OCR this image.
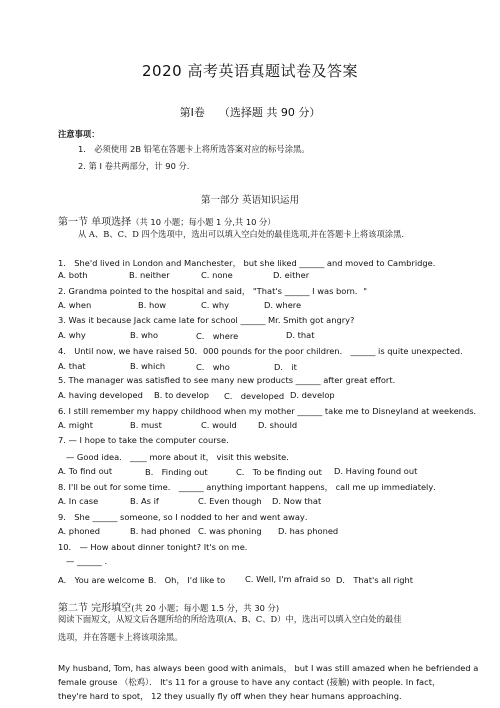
2020 高考英语真题试卷及答案
第Ⅰ卷 （选择题 共 90 分）
注意事项：
1． 必须使用 2B 铅笔在答题卡上将所选答案对应的标号涂黑。
2. 第 I 卷共两部分，计 90 分.
第一部分 英语知识运用
第一节 单项选择（共 10 小题；每小题 1 分,共 10 分）
从 A、B、C、D 四个选项中，选出可以填入空白处的最佳选项,并在答题卡上将该项涂黑.
1． She'd lived in London and Manchester， but she liked ______ and moved to Cambridge.
A. both	B. neither	C. none	D. either
2. Grandma pointed to the hospital and said， "That's ______ I was born．"
A. when	B. how	C. why	D. where
3. Was it because Jack came late for school ______ Mr. Smith got angry?
A. why	B. who	C． where	D. that
4． Until now, we have raised 50．000 pounds for the poor children． ______ is quite unexpected.
A. that	B. which	C． who	D． it
5. The manager was satisfied to see many new products ______ after great effort.
A. having developed B. to develop C． developed D. develop
6. I still remember my happy childhood when my mother ______ take me to Disneyland at weekends．
A. might	B. must	C. would	D. should
7. — I hope to take the computer course.
— Good idea． ____ more about it， visit this website．
A. To find out	B． Finding out	C． To be finding out D. Having found out
8. I'll be out for some time． ______ anything important happens， call me up immediately．
A. In case	B. As if	C. Even though D. Now that
9． She ______ someone, so I nodded to her and went away．
A. phoned	B. had phoned C. was phoning D. has phoned
10． — How about dinner tonight? It's on me．
— ______ .
A． You are welcome B． Oh， I'd like to C. Well, I'm afraid so D． That's all right
第二节 完形填空(共 20 小题；每小题 1.5 分，共 30 分)
阅读下面短文，从短文后各题所给的所给选项(A、B、C、D）中，选出可以填入空白处的最佳
选项，并在答题卡上将该项涂黑。
My husband, Tom, has always been good with animals， but I was still amazed when he befriended a
female grouse （松鸡）． It's 11 for a grouse to have any contact (接触) with people. In fact，
they're hard to spot， 12 they usually fly off when they hear humans approaching.
